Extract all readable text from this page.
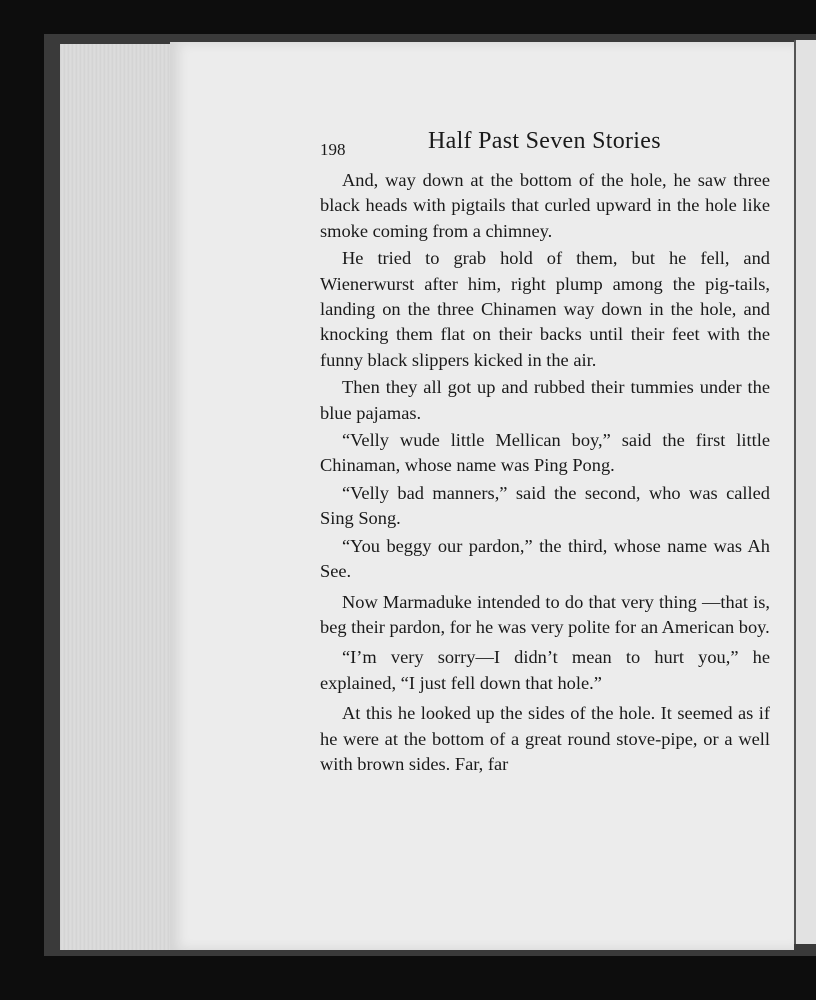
198	Half Past Seven Stories

And, way down at the bottom of the hole, he saw three black heads with pigtails that curled upward in the hole like smoke coming from a chimney.

He tried to grab hold of them, but he fell, and Wienerwurst after him, right plump among the pig-tails, landing on the three Chinamen way down in the hole, and knocking them flat on their backs until their feet with the funny black slippers kicked in the air.

Then they all got up and rubbed their tummies under the blue pajamas.

“Velly wude little Mellican boy,” said the first little Chinaman, whose name was Ping Pong.

“Velly bad manners,” said the second, who was called Sing Song.

“You beggy our pardon,” the third, whose name was Ah See.

Now Marmaduke intended to do that very thing —that is, beg their pardon, for he was very polite for an American boy.

“I’m very sorry—I didn’t mean to hurt you,” he explained, “I just fell down that hole.”

At this he looked up the sides of the hole. It seemed as if he were at the bottom of a great round stove-pipe, or a well with brown sides. Far, far
